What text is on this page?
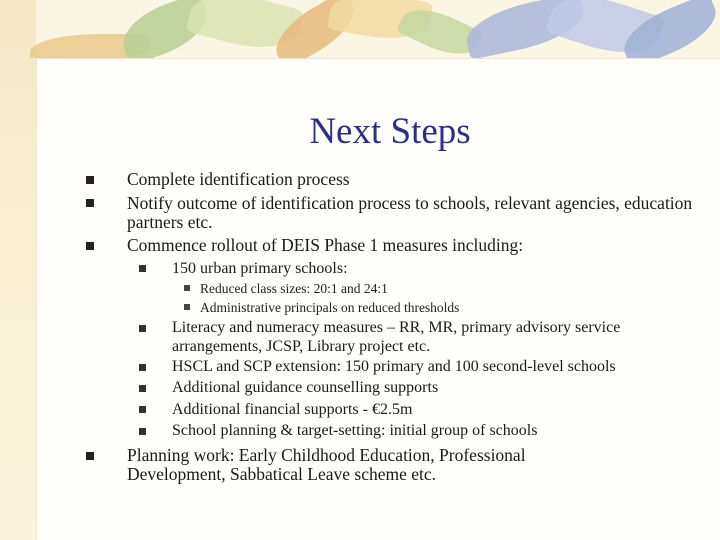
Next Steps
Complete identification process
Notify outcome of identification process to schools, relevant agencies, education partners etc.
Commence rollout of DEIS Phase 1 measures including:
150 urban primary schools:
Reduced class sizes: 20:1 and 24:1
Administrative principals on reduced thresholds
Literacy and numeracy measures – RR, MR, primary advisory service arrangements, JCSP, Library project etc.
HSCL and SCP extension: 150 primary and 100 second-level schools
Additional guidance counselling supports
Additional financial supports - €2.5m
School planning & target-setting: initial group of schools
Planning work: Early Childhood Education, Professional Development, Sabbatical Leave scheme etc.
